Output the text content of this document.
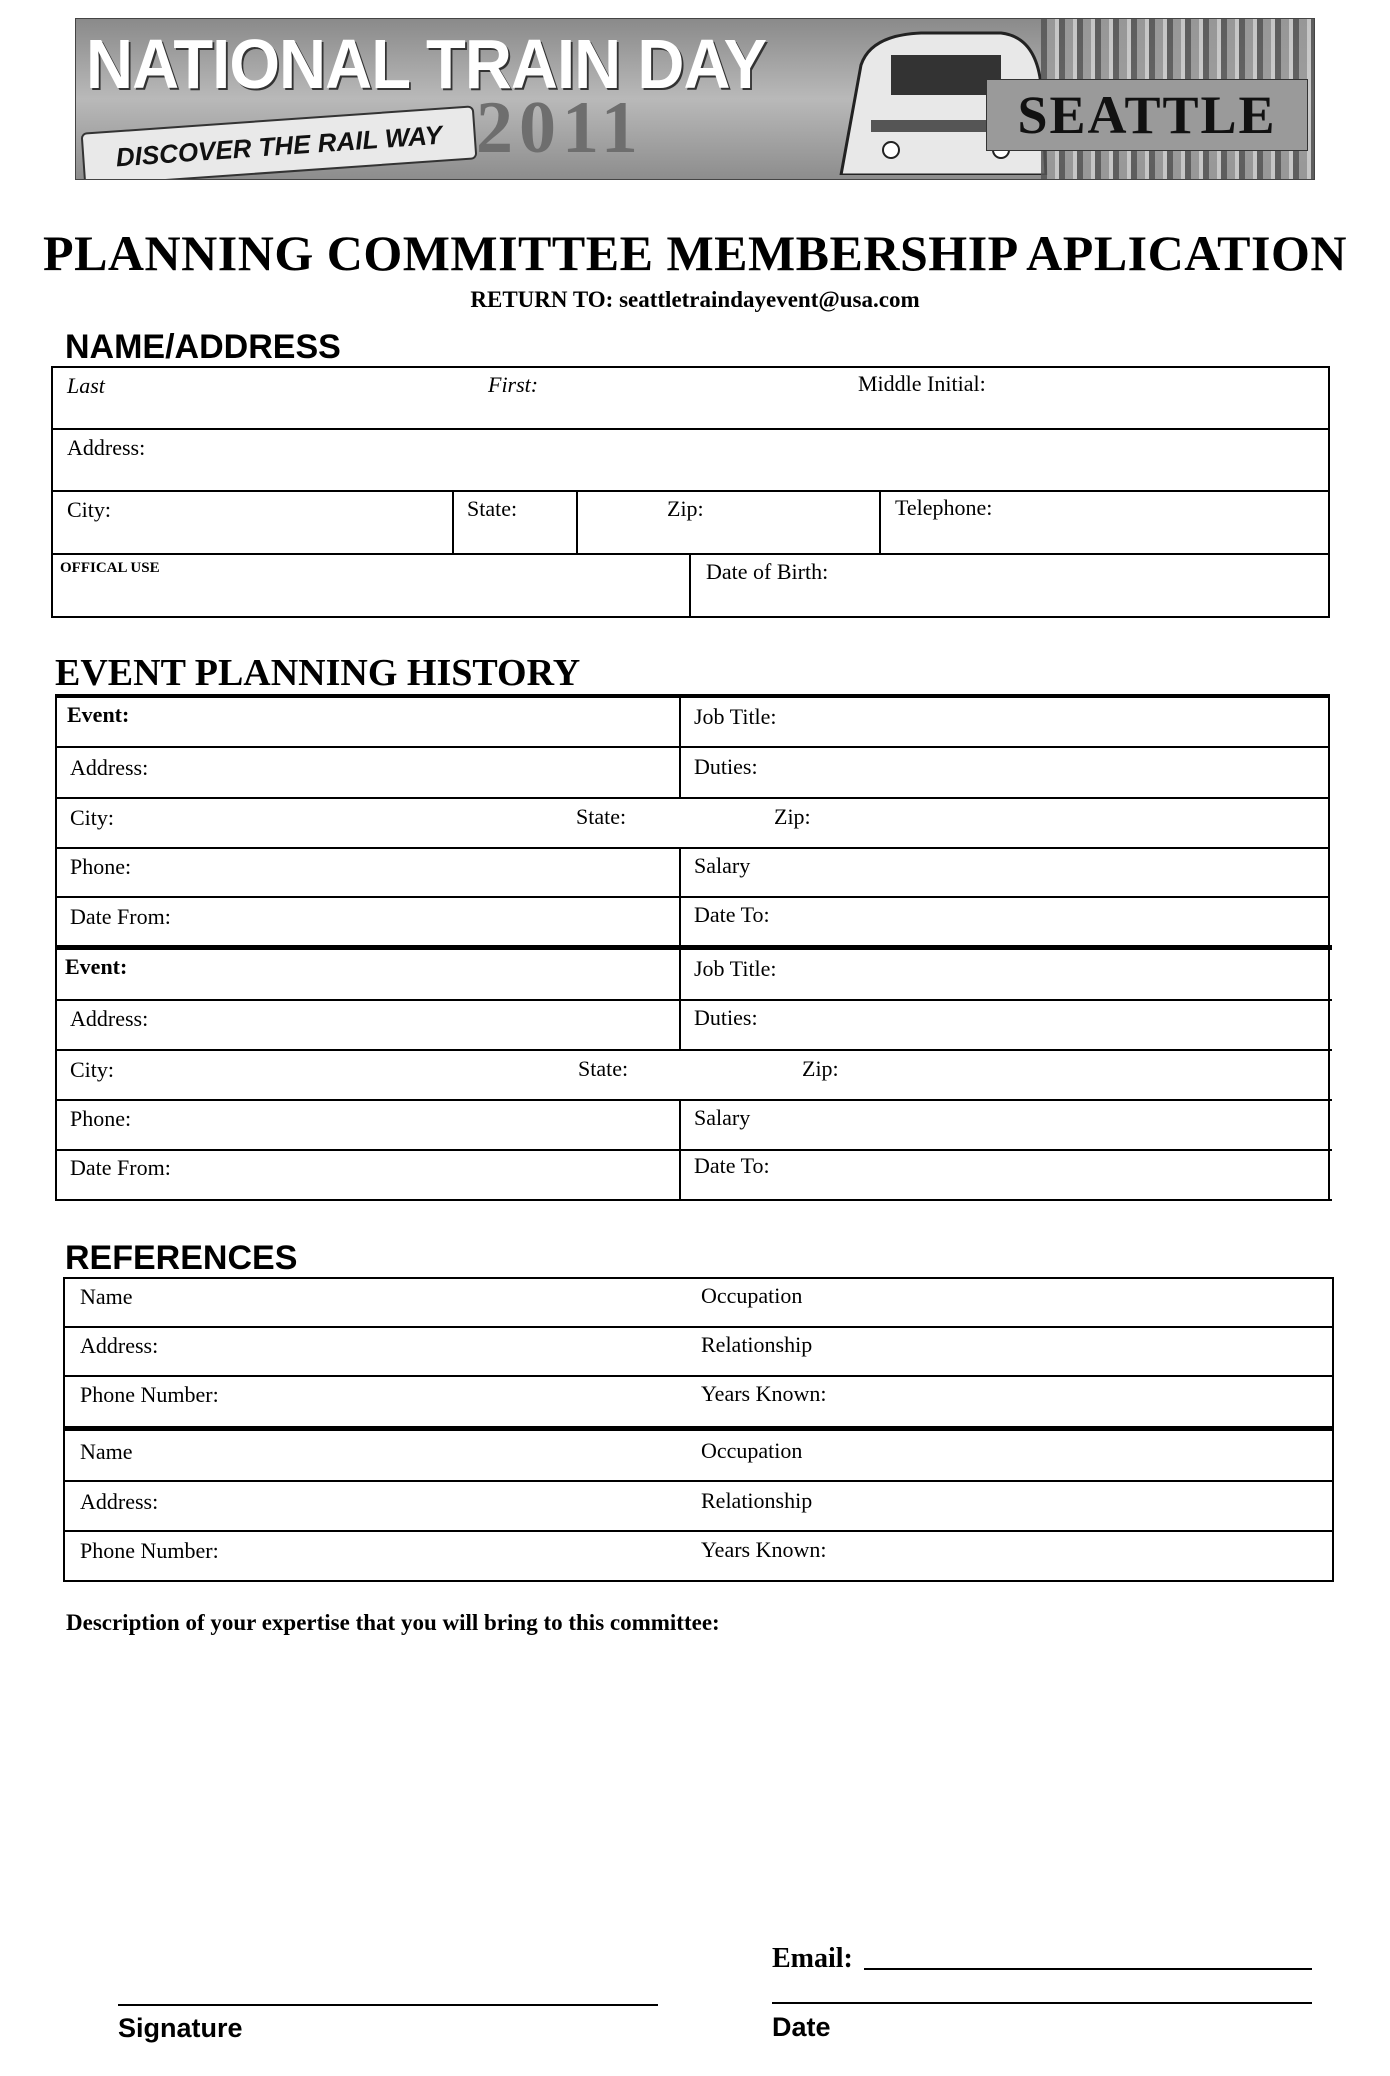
NATIONAL TRAIN DAY
2011
DISCOVER THE RAIL WAY
SEATTLE
PLANNING COMMITTEE MEMBERSHIP APLICATION
RETURN TO: seattletraindayevent@usa.com
NAME/ADDRESS
Last	First:	Middle Initial:
Address:
City:	State:	Zip:	Telephone:
OFFICAL USE	Date of Birth:
EVENT PLANNING HISTORY
Event:	Job Title:
Address:	Duties:
City:	State:	Zip:
Phone:	Salary
Date From:	Date To:
Event:	Job Title:
Address:	Duties:
City:	State:	Zip:
Phone:	Salary
Date From:	Date To:
REFERENCES
Name	Occupation
Address:	Relationship
Phone Number:	Years Known:
Name	Occupation
Address:	Relationship
Phone Number:	Years Known:
Description of your expertise that you will bring to this committee:
Email:
Signature	Date
